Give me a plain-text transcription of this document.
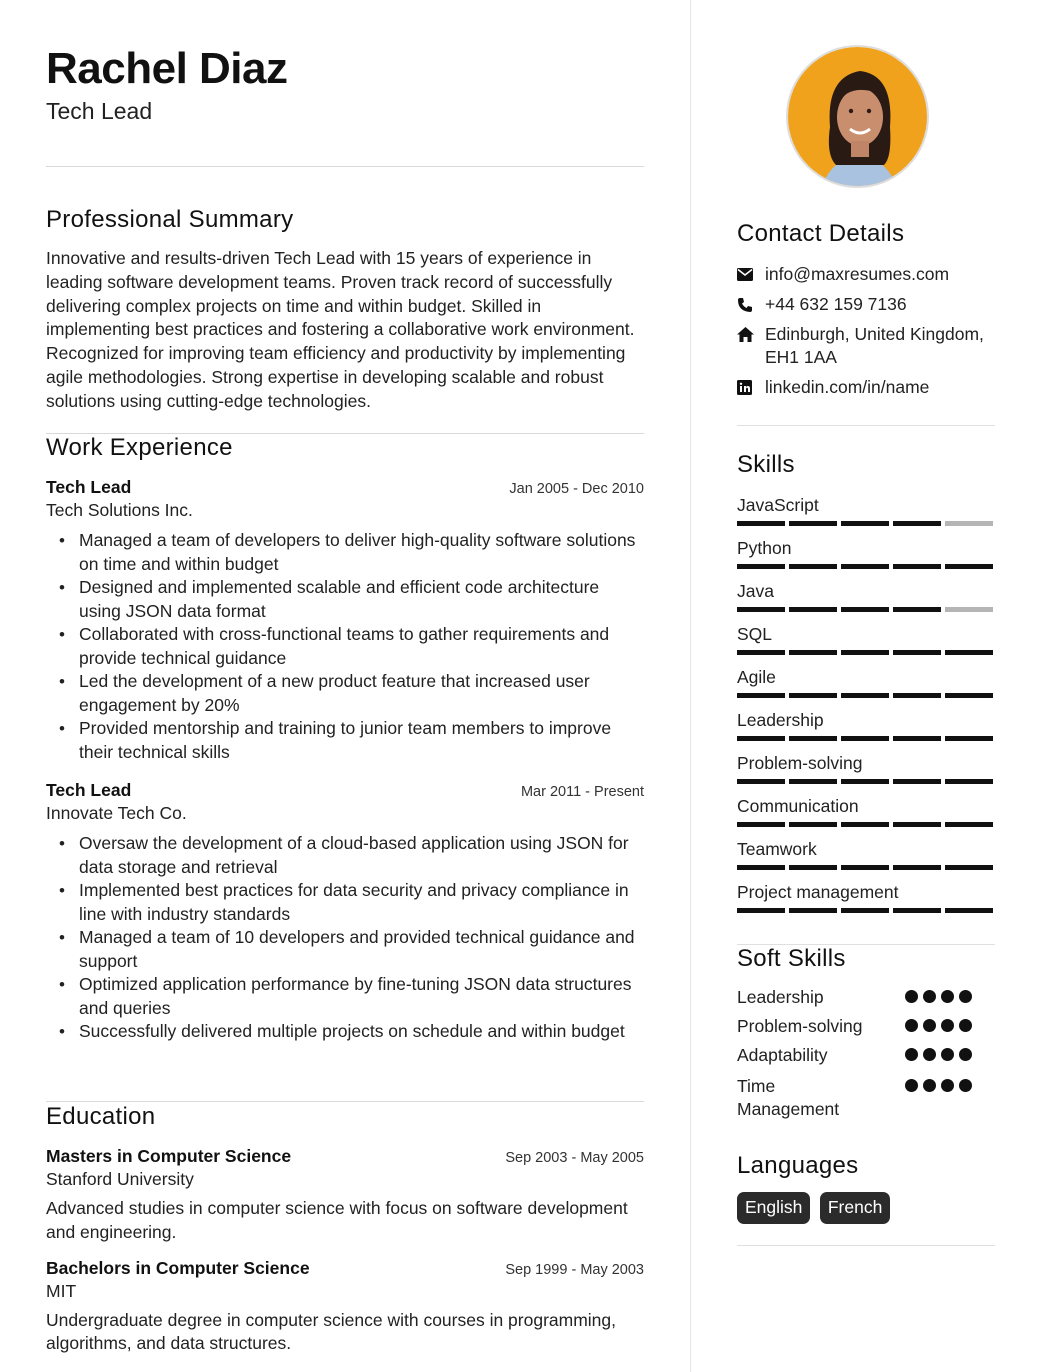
Rachel Diaz
Tech Lead
Professional Summary
Innovative and results-driven Tech Lead with 15 years of experience in leading software development teams. Proven track record of successfully delivering complex projects on time and within budget. Skilled in implementing best practices and fostering a collaborative work environment. Recognized for improving team efficiency and productivity by implementing agile methodologies. Strong expertise in developing scalable and robust solutions using cutting-edge technologies.
Work Experience
Tech Lead	Jan 2005 - Dec 2010
Tech Solutions Inc.
• Managed a team of developers to deliver high-quality software solutions on time and within budget
• Designed and implemented scalable and efficient code architecture using JSON data format
• Collaborated with cross-functional teams to gather requirements and provide technical guidance
• Led the development of a new product feature that increased user engagement by 20%
• Provided mentorship and training to junior team members to improve their technical skills
Tech Lead	Mar 2011 - Present
Innovate Tech Co.
• Oversaw the development of a cloud-based application using JSON for data storage and retrieval
• Implemented best practices for data security and privacy compliance in line with industry standards
• Managed a team of 10 developers and provided technical guidance and support
• Optimized application performance by fine-tuning JSON data structures and queries
• Successfully delivered multiple projects on schedule and within budget
Education
Masters in Computer Science	Sep 2003 - May 2005
Stanford University
Advanced studies in computer science with focus on software development and engineering.
Bachelors in Computer Science	Sep 1999 - May 2003
MIT
Undergraduate degree in computer science with courses in programming, algorithms, and data structures.
Contact Details
info@maxresumes.com
+44 632 159 7136
Edinburgh, United Kingdom,
EH1 1AA
linkedin.com/in/name
Skills
JavaScript
Python
Java
SQL
Agile
Leadership
Problem-solving
Communication
Teamwork
Project management
Soft Skills
Leadership
Problem-solving
Adaptability
Time Management
Languages
English French
